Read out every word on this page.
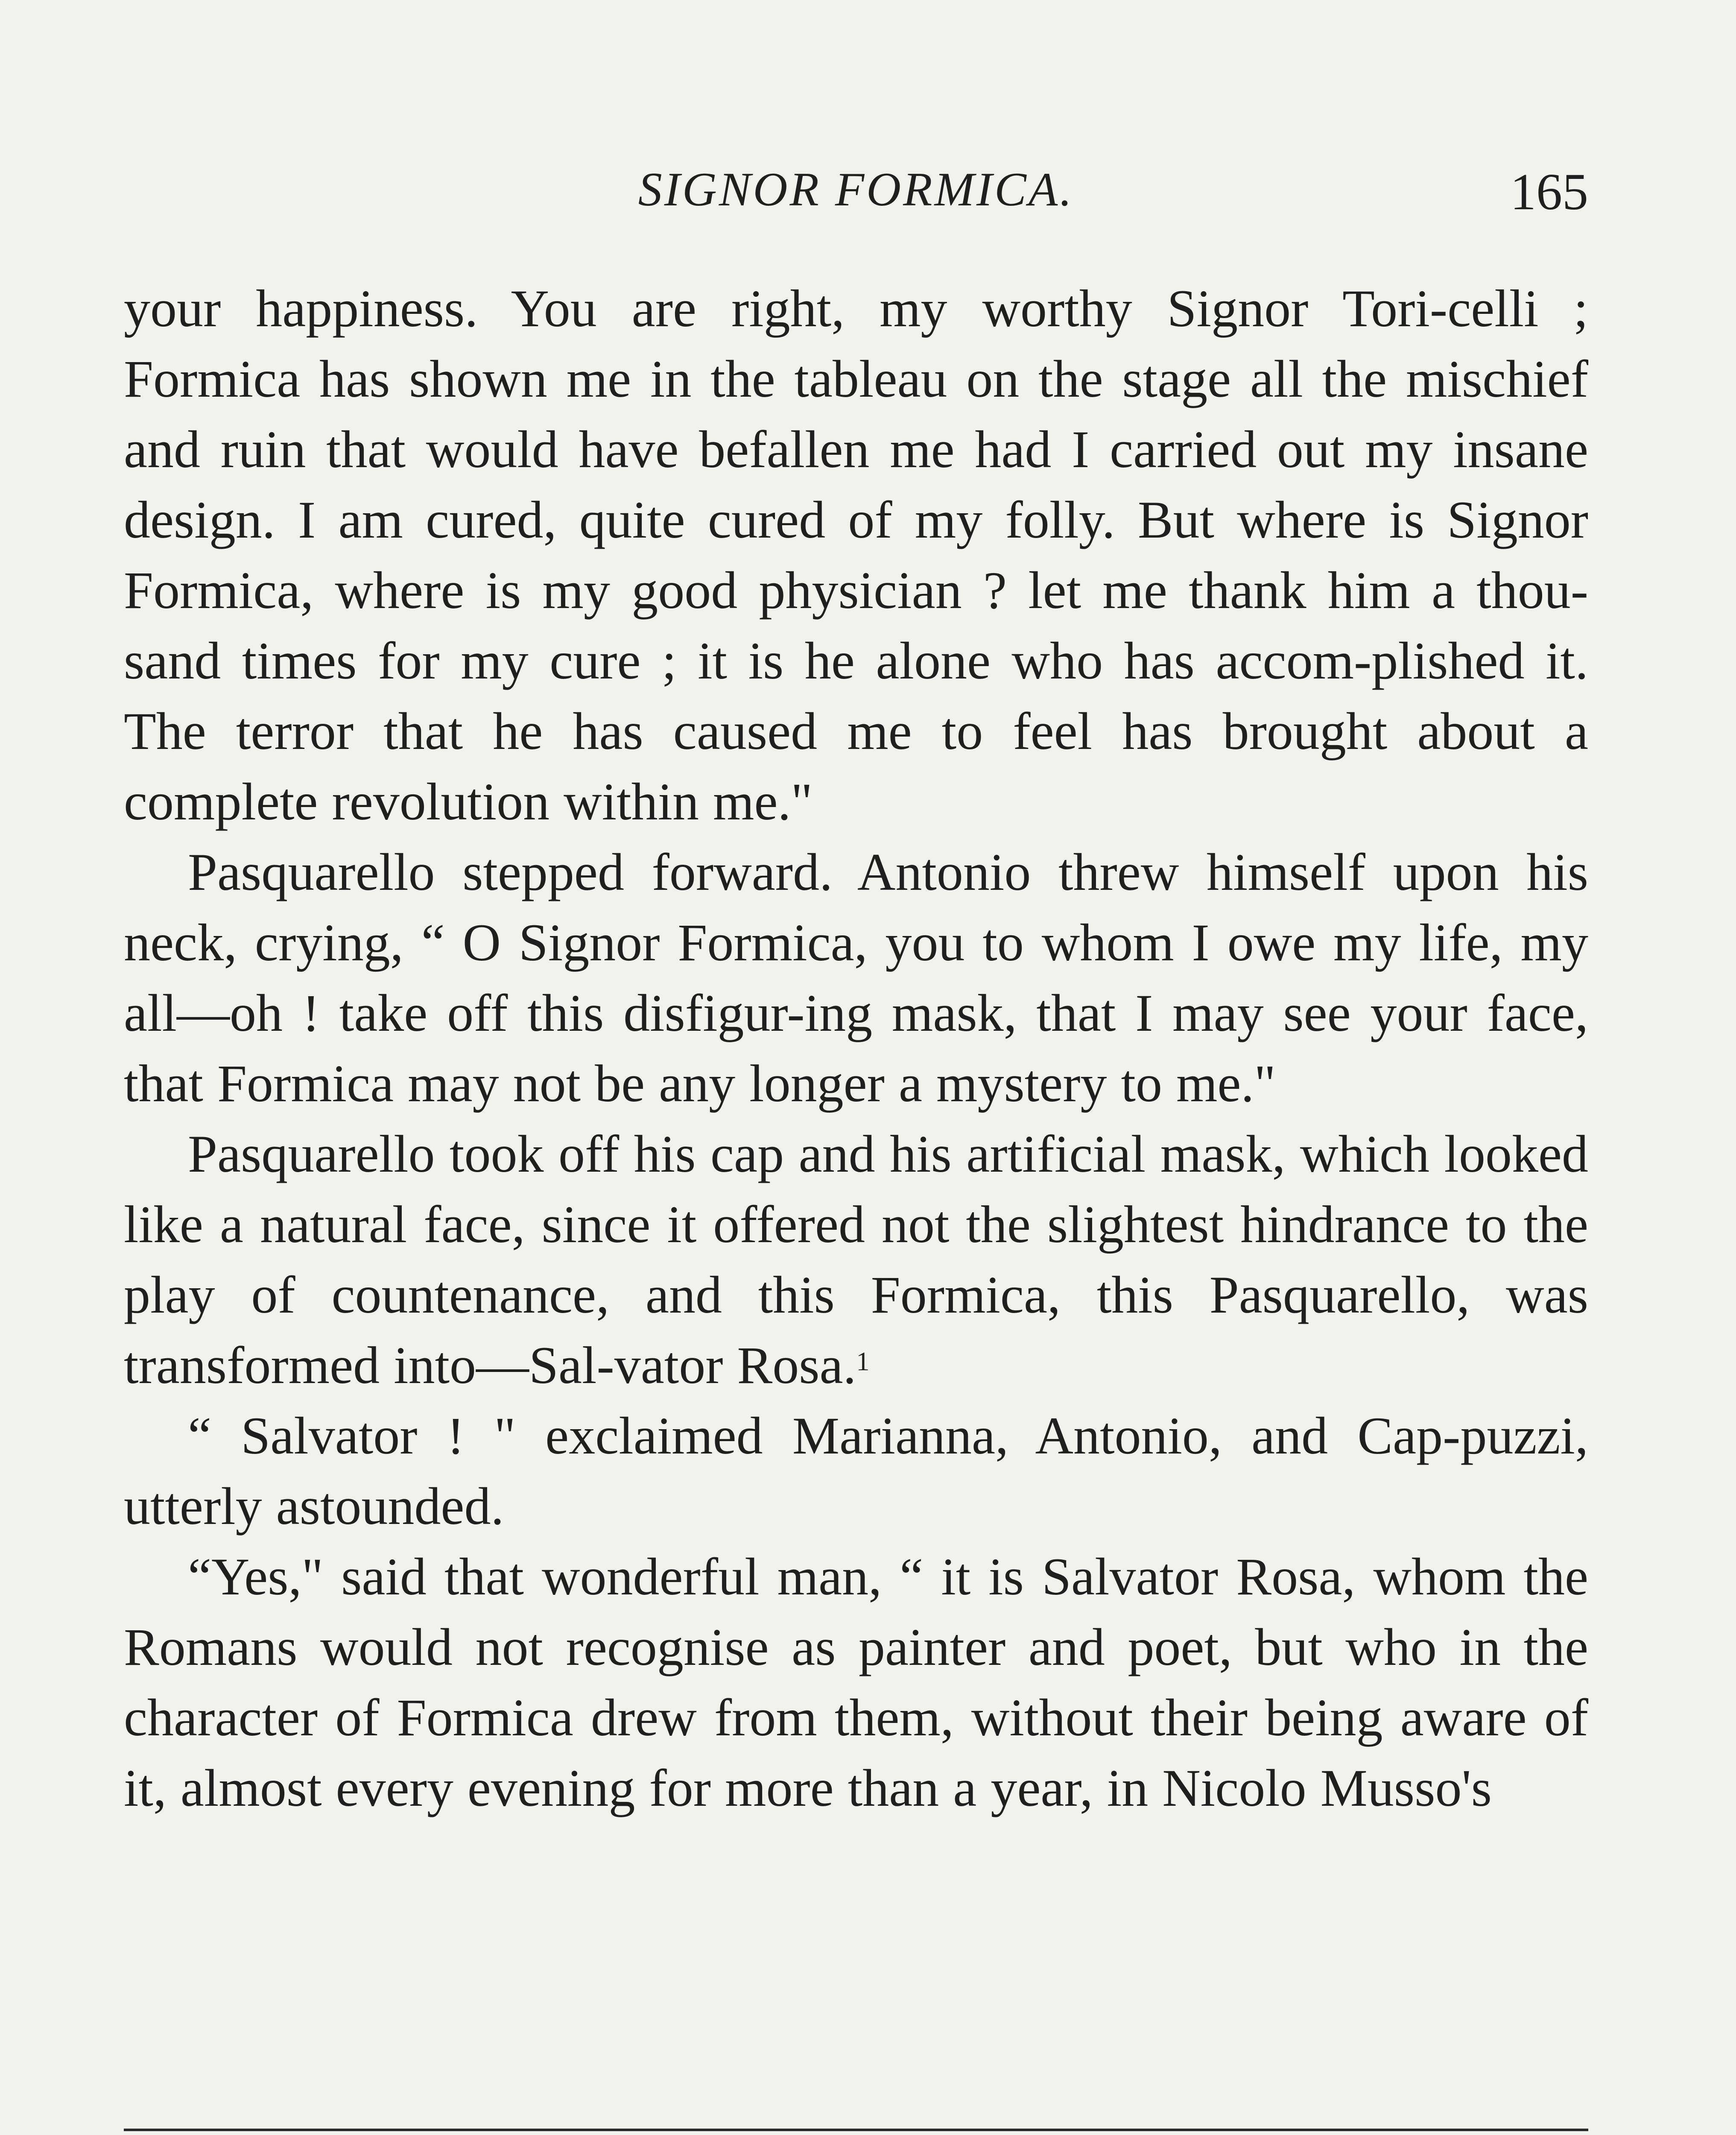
SIGNOR FORMICA.	165

your happiness. You are right, my worthy Signor Tori-celli ; Formica has shown me in the tableau on the stage all the mischief and ruin that would have befallen me had I carried out my insane design. I am cured, quite cured of my folly. But where is Signor Formica, where is my good physician ? let me thank him a thou-sand times for my cure ; it is he alone who has accom-plished it. The terror that he has caused me to feel has brought about a complete revolution within me."

Pasquarello stepped forward. Antonio threw himself upon his neck, crying, “ O Signor Formica, you to whom I owe my life, my all—oh ! take off this disfigur-ing mask, that I may see your face, that Formica may not be any longer a mystery to me."

Pasquarello took off his cap and his artificial mask, which looked like a natural face, since it offered not the slightest hindrance to the play of countenance, and this Formica, this Pasquarello, was transformed into—Sal-vator Rosa.$^1$

“ Salvator ! " exclaimed Marianna, Antonio, and Cap-puzzi, utterly astounded.

“Yes," said that wonderful man, “ it is Salvator Rosa, whom the Romans would not recognise as painter and poet, but who in the character of Formica drew from them, without their being aware of it, almost every evening for more than a year, in Nicolo Musso's
